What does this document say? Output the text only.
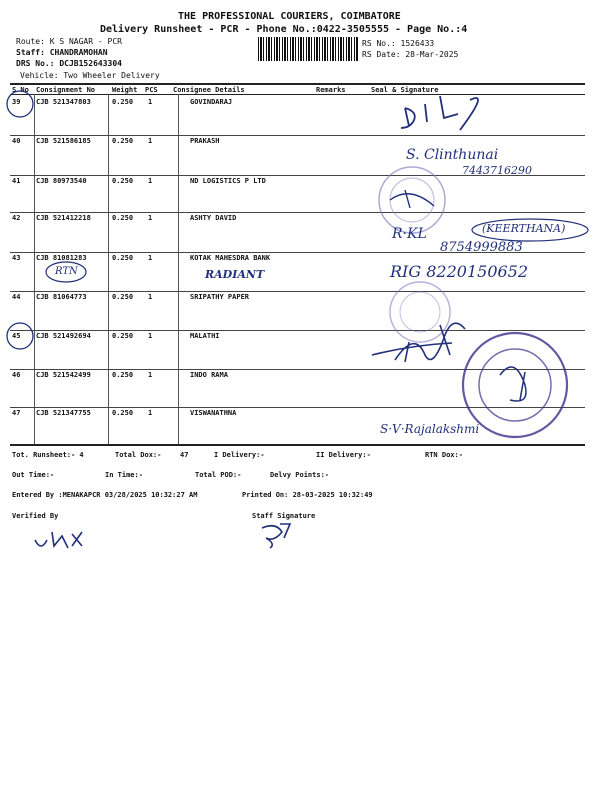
THE PROFESSIONAL COURIERS, COIMBATORE
Delivery Runsheet - PCR - Phone No.:0422-3505555 - Page No.:4
Route: K S NAGAR - PCR
Staff: CHANDRAMOHAN
DRS No.: DCJB152643304
Vehicle: Two Wheeler Delivery
RS No.: 1526433
RS Date: 28-Mar-2025
S No Consignment No Weight PCS Consignee Details	Remarks	Seal & Signature
39 CJB 521347803	0.250 1	GOVINDARAJ
40 CJB 521586185	0.250 1	PRAKASH
41 CJB 80973540	0.250 1	ND LOGISTICS P LTD
42 CJB 521412218	0.250 1	ASHTY DAVID
43 CJB 81081283	0.250 1	KOTAK MAHESDRA BANK
44 CJB 81064773	0.250 1	SRIPATHY PAPER
45 CJB 521492694	0.250 1	MALATHI
46 CJB 521542499	0.250 1	INDO RAMA
47 CJB 521347755	0.250 1	VISWANATHNA
Tot. Runsheet:- 4	Total Dox:-	47	I Delivery:-	II Delivery:-	RTN Dox:-
Out Time:-	In Time:-	Total POD:-	Delvy Points:-
Entered By :MENAKAPCR 03/28/2025 10:32:27 AM	Printed On: 28-03-2025 10:32:49
Verified By	Staff Signature
S. Clinthunai
7443716290
R·KL	(KEERTHANA)
8754999883
RTN	RADIANT	RIG 8220150652
S·V·Rajalakshmi
